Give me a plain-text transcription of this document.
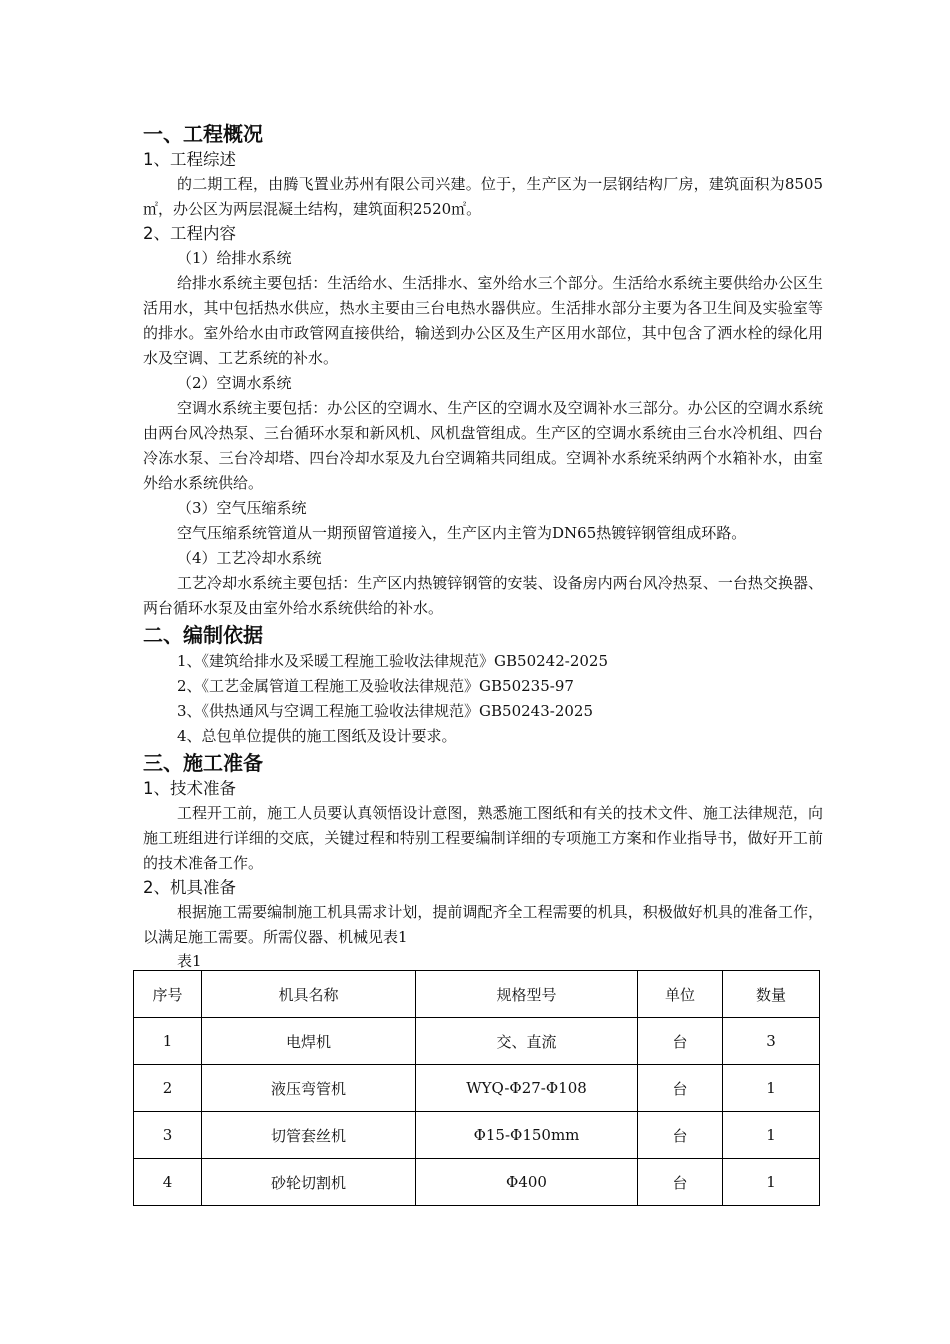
一、工程概况
1、工程综述
的二期工程，由腾飞置业苏州有限公司兴建。位于，生产区为一层钢结构厂房，建筑面积为8505㎡，办公区为两层混凝土结构，建筑面积2520㎡。
2、工程内容
（1）给排水系统
给排水系统主要包括：生活给水、生活排水、室外给水三个部分。生活给水系统主要供给办公区生活用水，其中包括热水供应，热水主要由三台电热水器供应。生活排水部分主要为各卫生间及实验室等的排水。室外给水由市政管网直接供给，输送到办公区及生产区用水部位，其中包含了洒水栓的绿化用水及空调、工艺系统的补水。
（2）空调水系统
空调水系统主要包括：办公区的空调水、生产区的空调水及空调补水三部分。办公区的空调水系统由两台风冷热泵、三台循环水泵和新风机、风机盘管组成。生产区的空调水系统由三台水冷机组、四台冷冻水泵、三台冷却塔、四台冷却水泵及九台空调箱共同组成。空调补水系统采纳两个水箱补水，由室外给水系统供给。
（3）空气压缩系统
空气压缩系统管道从一期预留管道接入，生产区内主管为DN65热镀锌钢管组成环路。
（4）工艺冷却水系统
工艺冷却水系统主要包括：生产区内热镀锌钢管的安装、设备房内两台风冷热泵、一台热交换器、两台循环水泵及由室外给水系统供给的补水。
二、编制依据
1、《建筑给排水及采暖工程施工验收法律规范》GB50242-2025
2、《工艺金属管道工程施工及验收法律规范》GB50235-97
3、《供热通风与空调工程施工验收法律规范》GB50243-2025
4、总包单位提供的施工图纸及设计要求。
三、施工准备
1、技术准备
工程开工前，施工人员要认真领悟设计意图，熟悉施工图纸和有关的技术文件、施工法律规范，向施工班组进行详细的交底，关键过程和特别工程要编制详细的专项施工方案和作业指导书，做好开工前的技术准备工作。
2、机具准备
根据施工需要编制施工机具需求计划，提前调配齐全工程需要的机具，积极做好机具的准备工作，以满足施工需要。所需仪器、机械见表1
表1
序号	机具名称	规格型号	单位	数量
1	电焊机	交、直流	台	3
2	液压弯管机	WYQ-Φ27-Φ108	台	1
3	切管套丝机	Φ15-Φ150mm	台	1
4	砂轮切割机	Φ400	台	1
